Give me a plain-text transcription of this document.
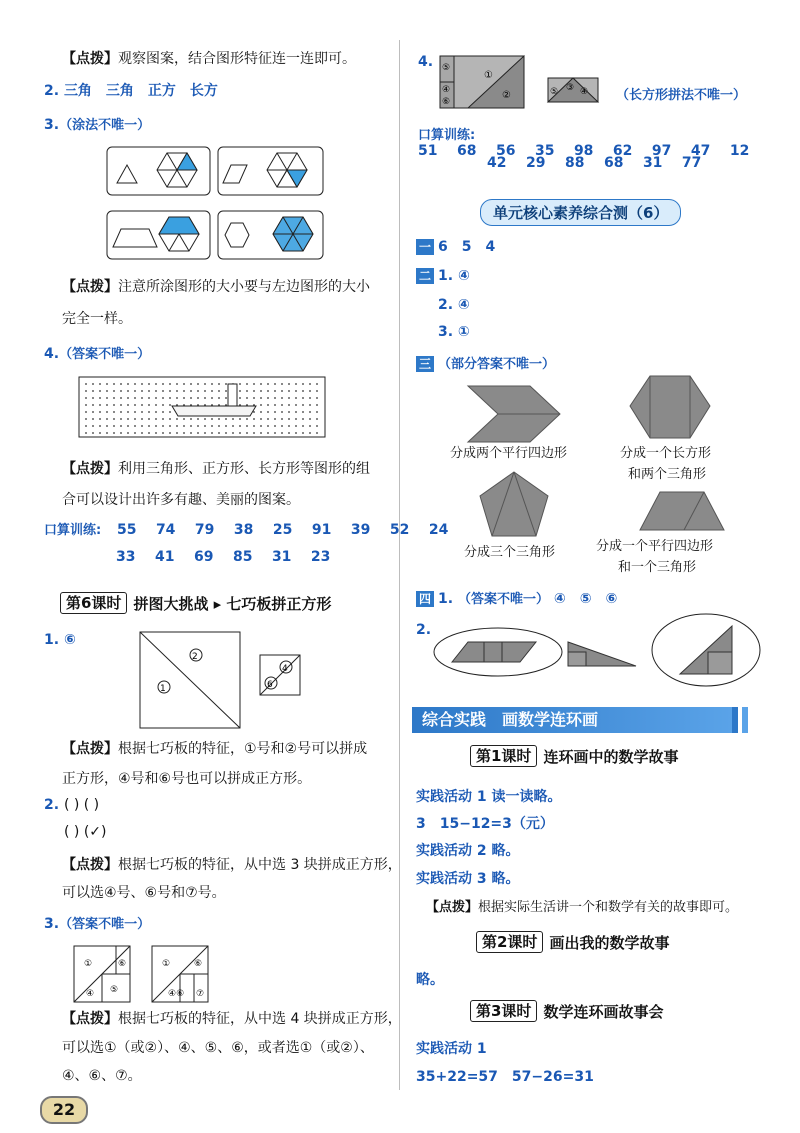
【点拨】观察图案，结合图形特征连一连即可。
2. 三角　三角　正方　长方
3.（涂法不唯一）
【点拨】注意所涂图形的大小要与左边图形的大小
完全一样。
4.（答案不唯一）
【点拨】利用三角形、正方形、长方形等图形的组
合可以设计出许多有趣、美丽的图案。
口算训练: 55 74 79 38 25 91 39 52 24
33 41 69 85 31 23
第6课时 拼图大挑战 ▸ 七巧板拼正方形
1. ⑥
2
1
4
6
【点拨】根据七巧板的特征，①号和②号可以拼成
正方形，④号和⑥号也可以拼成正方形。
2. ( ) ( )
( ) (✓)
【点拨】根据七巧板的特征，从中选 3 块拼成正方形，
可以选④号、⑥号和⑦号。
3.（答案不唯一）
①	⑥
④ ⑤
①	⑥
④⑥ ⑦
【点拨】根据七巧板的特征，从中选 4 块拼成正方形，
可以选①（或②）、④、⑤、⑥，或者选①（或②）、
④、⑥、⑦。
22
4. ⑤
④
⑥
①
②	⑤ ③ ④ （长方形拼法不唯一）
口算训练:  51 68 56 35 98 62 97 47 12
42 29 88 68 31 77
单元核心素养综合测（6）
一 6　5　4
二 1. ④
2. ④
3. ①
三 （部分答案不唯一）
分成两个平行四边形	分成一个长方形
和两个三角形
分成三个三角形	分成一个平行四边形
和一个三角形
四 1. （答案不唯一） ④　⑤　⑥
2.
综合实践　画数学连环画
第1课时 连环画中的数学故事
实践活动 1 读一读略。
3　15−12=3（元）
实践活动 2 略。
实践活动 3 略。
【点拨】根据实际生活讲一个和数学有关的故事即可。
第2课时 画出我的数学故事
略。
第3课时 数学连环画故事会
实践活动 1
35+22=57　57−26=31
